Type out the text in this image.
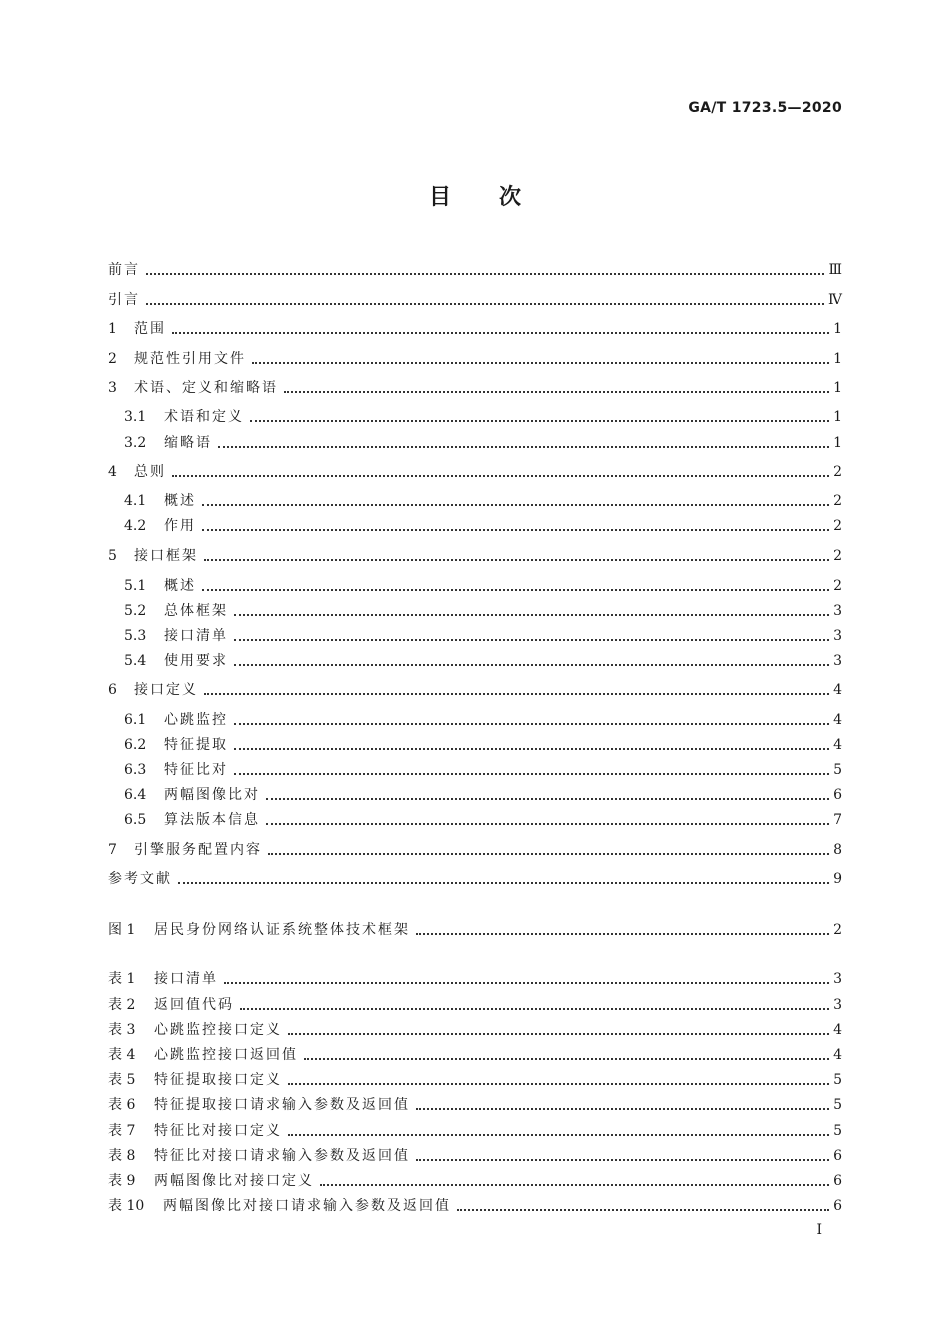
GA/T 1723.5—2020
目 次
前言	Ⅲ
引言	Ⅳ
1	范围	1
2	规范性引用文件	1
3	术语、定义和缩略语	1
3.1	术语和定义	1
3.2	缩略语	1
4	总则	2
4.1	概述	2
4.2	作用	2
5	接口框架	2
5.1	概述	2
5.2	总体框架	3
5.3	接口清单	3
5.4	使用要求	3
6	接口定义	4
6.1	心跳监控	4
6.2	特征提取	4
6.3	特征比对	5
6.4	两幅图像比对	6
6.5	算法版本信息	7
7	引擎服务配置内容	8
参考文献	9
图 1	居民身份网络认证系统整体技术框架	2
表 1	接口清单	3
表 2	返回值代码	3
表 3	心跳监控接口定义	4
表 4	心跳监控接口返回值	4
表 5	特征提取接口定义	5
表 6	特征提取接口请求输入参数及返回值	5
表 7	特征比对接口定义	5
表 8	特征比对接口请求输入参数及返回值	6
表 9	两幅图像比对接口定义	6
表 10	两幅图像比对接口请求输入参数及返回值	6
I
